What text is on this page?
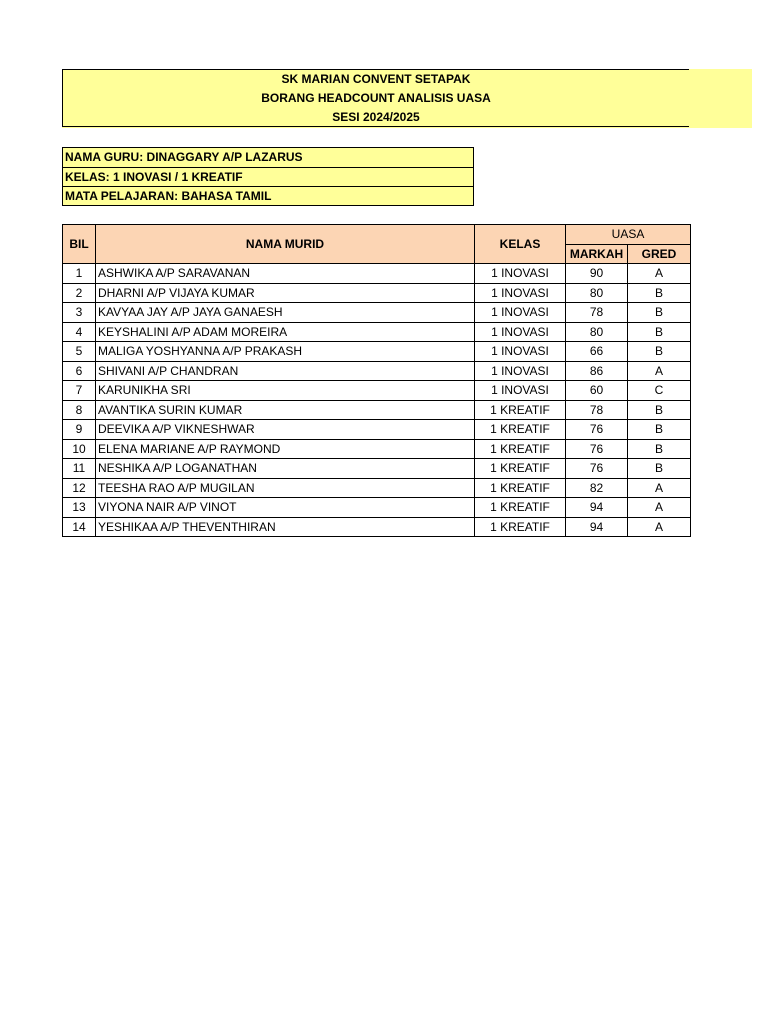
SK MARIAN CONVENT SETAPAK
BORANG HEADCOUNT ANALISIS UASA
SESI 2024/2025
NAMA GURU: DINAGGARY A/P LAZARUS
KELAS: 1 INOVASI / 1 KREATIF
MATA PELAJARAN: BAHASA TAMIL
BIL	NAMA MURID	KELAS	UASA	
			MARKAH	GRED
1	ASHWIKA A/P SARAVANAN	1 INOVASI	90	A
2	DHARNI A/P VIJAYA KUMAR	1 INOVASI	80	B
3	KAVYAA JAY A/P JAYA GANAESH	1 INOVASI	78	B
4	KEYSHALINI A/P ADAM MOREIRA	1 INOVASI	80	B
5	MALIGA YOSHYANNA A/P PRAKASH	1 INOVASI	66	B
6	SHIVANI A/P CHANDRAN	1 INOVASI	86	A
7	KARUNIKHA SRI	1 INOVASI	60	C
8	AVANTIKA SURIN KUMAR	1 KREATIF	78	B
9	DEEVIKA A/P VIKNESHWAR	1 KREATIF	76	B
10	ELENA MARIANE A/P RAYMOND	1 KREATIF	76	B
11	NESHIKA A/P LOGANATHAN	1 KREATIF	76	B
12	TEESHA RAO A/P MUGILAN	1 KREATIF	82	A
13	VIYONA NAIR A/P VINOT	1 KREATIF	94	A
14	YESHIKAA A/P THEVENTHIRAN	1 KREATIF	94	A
